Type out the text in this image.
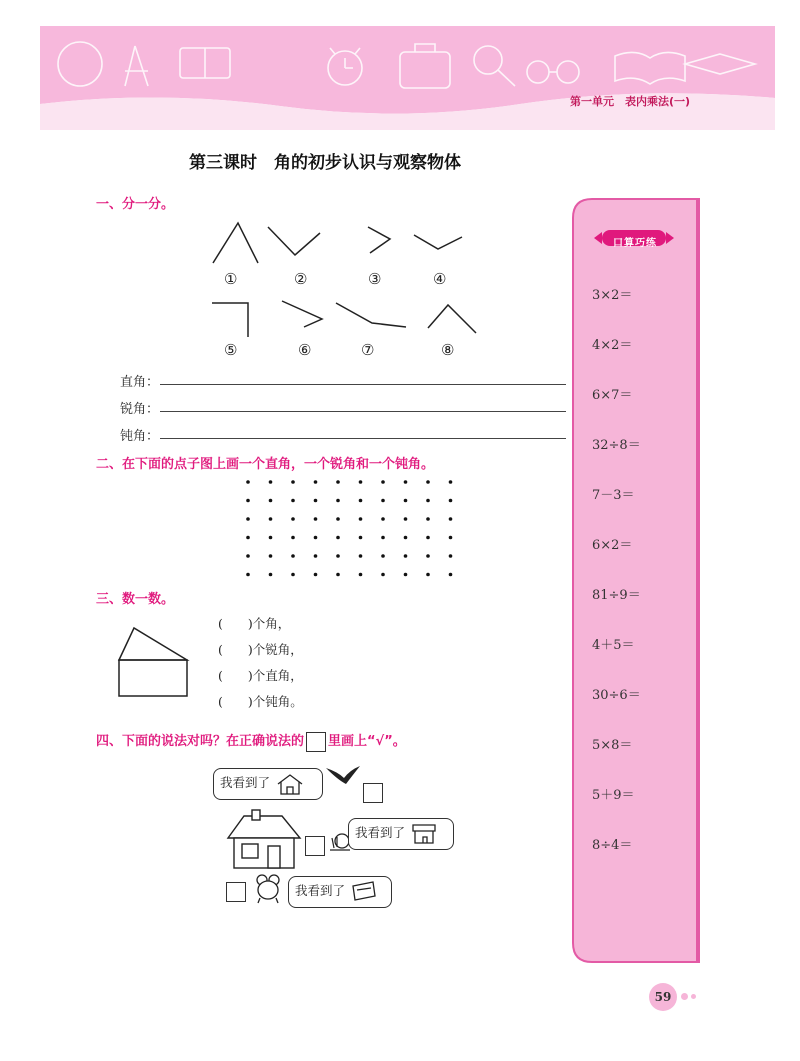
第一单元　表内乘法(一)
第三课时　角的初步认识与观察物体
一、分一分。
①	②	③	④
⑤	⑥	⑦	⑧
直角：
锐角：
钝角：
二、在下面的点子图上画一个直角，一个锐角和一个钝角。
三、数一数。
(　　)个角，
(　　)个锐角，
(　　)个直角，
(　　)个钝角。
四、下面的说法对吗？在正确说法的 里画上“√”。
我看到了
我看到了
我看到了
口算巧练
3×2＝
4×2＝
6×7＝
32÷8＝
7－3＝
6×2＝
81÷9＝
4＋5＝
30÷6＝
5×8＝
5＋9＝
8÷4＝
59
